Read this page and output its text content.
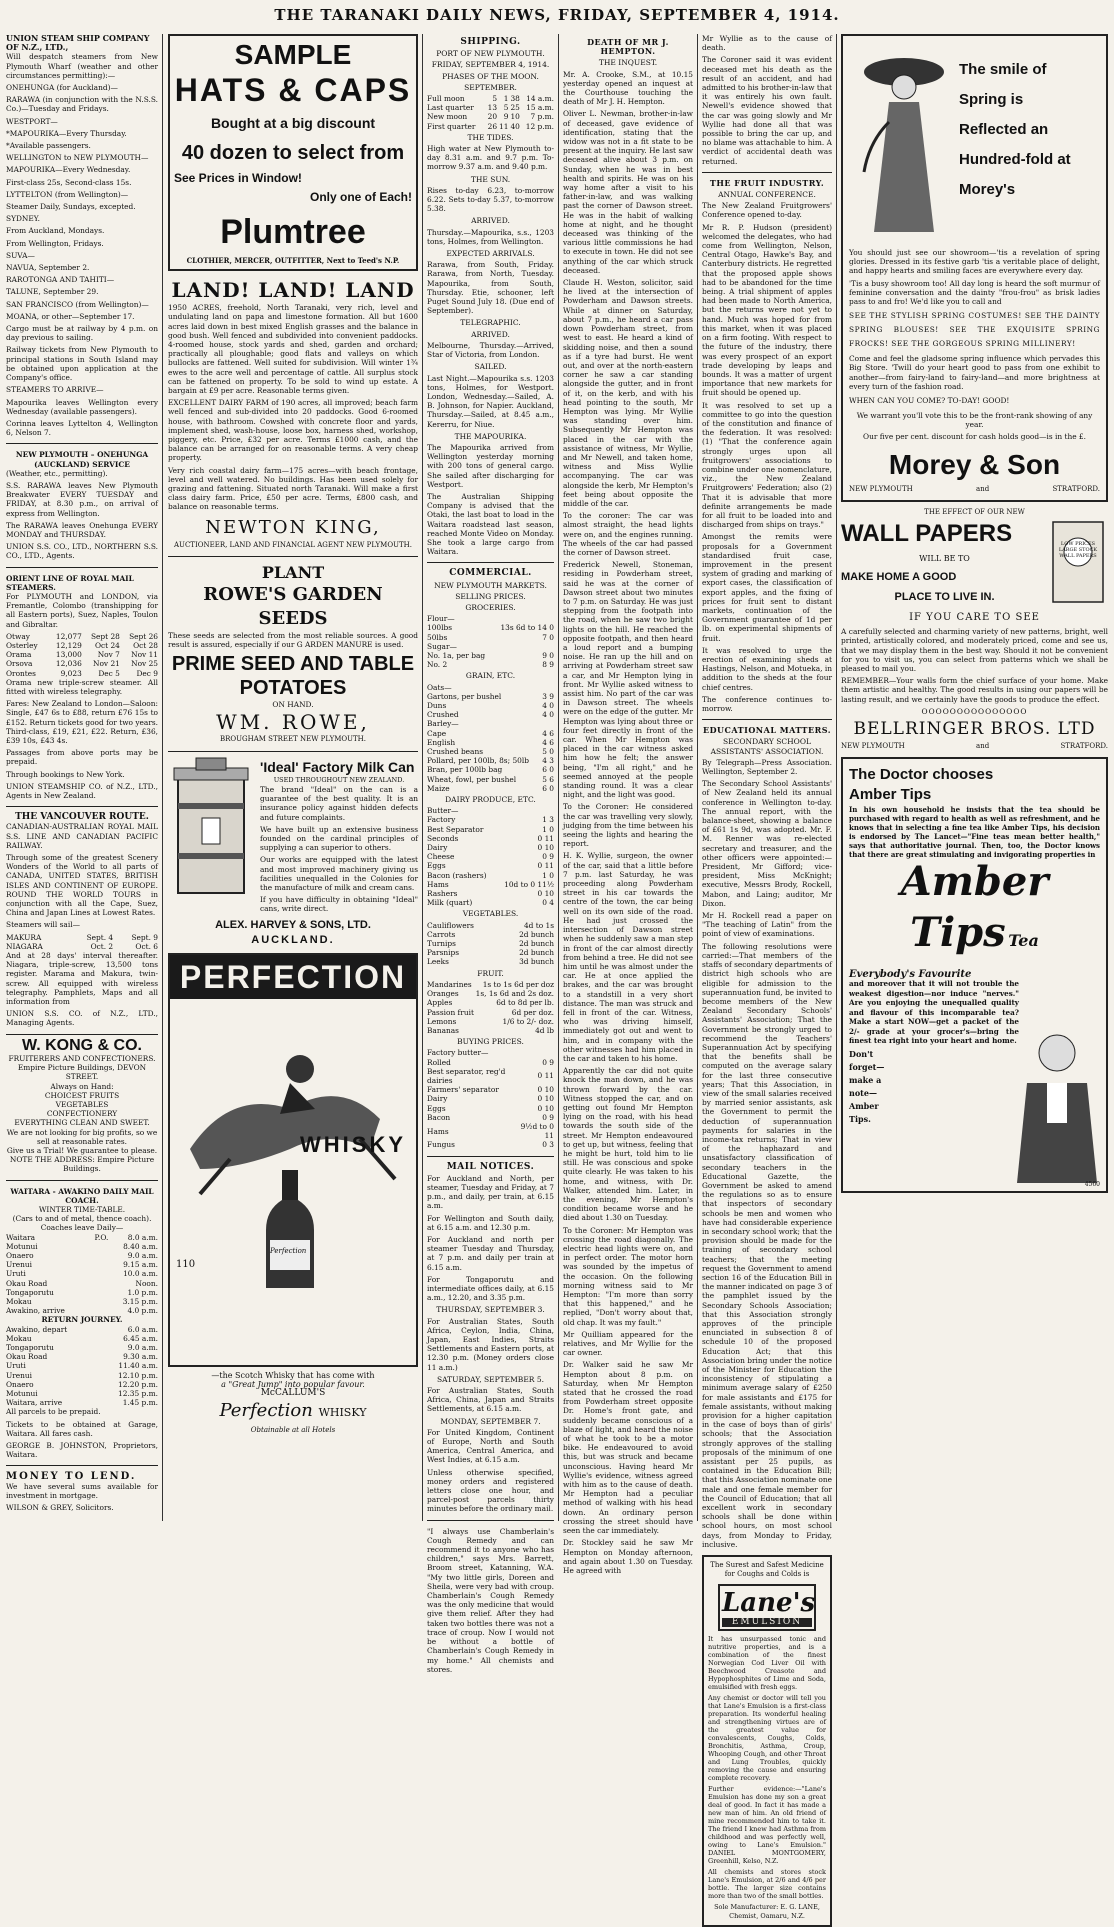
THE TARANAKI DAILY NEWS, FRIDAY, SEPTEMBER 4, 1914.
UNION STEAM SHIP COMPANY OF N.Z., LTD.,
Will despatch steamers from New Plymouth Wharf (weather and other circumstances permitting):—
ONEHUNGA (for Auckland)—
RARAWA (in conjunction with the N.S.S. Co.)—Tuesday and Fridays.
WESTPORT—
*MAPOURIKA—Every Thursday.
*Available passengers.
WELLINGTON to NEW PLYMOUTH—
MAPOURIKA—Every Wednesday.
First-class 25s, Second-class 15s.
LYTTELTON (from Wellington)—
Steamer Daily, Sundays, excepted.
SYDNEY.
From Auckland, Mondays.
From Wellington, Fridays.
SUVA—
NAVUA, September 2.
RAROTONGA AND TAHITI—
TALUNE, September 29.
SAN FRANCISCO (from Wellington)—
MOANA, or other—September 17.
Cargo must be at railway by 4 p.m. on day previous to sailing.
Railway tickets from New Plymouth to principal stations in South Island may be obtained upon application at the Company's office.
STEAMERS TO ARRIVE—
Mapourika leaves Wellington every Wednesday (available passengers).
Corinna leaves Lyttelton 4, Wellington 6, Nelson 7.
NEW PLYMOUTH – ONEHUNGA (AUCKLAND) SERVICE
(Weather, etc., permitting).
S.S. RARAWA leaves New Plymouth Breakwater EVERY TUESDAY and FRIDAY, at 8.30 p.m., on arrival of express from Wellington.
The RARAWA leaves Onehunga EVERY MONDAY and THURSDAY.
UNION S.S. CO., LTD., NORTHERN S.S. CO., LTD., Agents.
ORIENT LINE OF ROYAL MAIL STEAMERS.
For PLYMOUTH and LONDON, via Fremantle, Colombo (transhipping for all Eastern ports), Suez, Naples, Toulon and Gibraltar.
Otway	12,077	Sept 28	Sept 26
Osterley	12,129	Oct 24	Oct 28
Orama	13,000	Nov 7	Nov 11
Orsova	12,036	Nov 21	Nov 25
Orontes	9,023	Dec 5	Dec 9
Orama new triple-screw steamer. All fitted with wireless telegraphy.
Fares: New Zealand to London—Saloon: Single, £47 6s to £88, return £76 15s to £152. Return tickets good for two years. Third-class, £19, £21, £22. Return, £36, £39 10s, £43 4s.
Passages from above ports may be prepaid.
Through bookings to New York.
UNION STEAMSHIP CO. of N.Z., LTD., Agents in New Zealand.
THE VANCOUVER ROUTE.
CANADIAN-AUSTRALIAN ROYAL MAIL S.S. LINE AND CANADIAN PACIFIC RAILWAY.
Through some of the greatest Scenery Wonders of the World to all parts of CANADA, UNITED STATES, BRITISH ISLES AND CONTINENT OF EUROPE. ROUND THE WORLD TOURS in conjunction with all the Cape, Suez, China and Japan Lines at Lowest Rates.
Steamers will sail—
MAKURA	Sept. 4	Sept. 9
NIAGARA	Oct. 2	Oct. 6
And at 28 days' interval thereafter. Niagara, triple-screw, 13,500 tons register. Marama and Makura, twin-screw. All equipped with wireless telegraphy. Pamphlets, Maps and all information from
UNION S.S. CO. of N.Z., LTD., Managing Agents.
W. KONG & CO.
FRUITERERS AND CONFECTIONERS.
Empire Picture Buildings, DEVON STREET.
Always on Hand:
CHOICEST FRUITS
VEGETABLES
CONFECTIONERY
EVERYTHING CLEAN AND SWEET.
We are not looking for big profits, so we sell at reasonable rates.
Give us a Trial! We guarantee to please.
NOTE THE ADDRESS: Empire Picture Buildings.
WAITARA - AWAKINO DAILY MAIL COACH.
WINTER TIME-TABLE.
(Cars to and of metal, thence coach).
Coaches leave Daily—
Waitara	P.O.	8.0 a.m.
Motunui		8.40 a.m.
Onaero		9.0 a.m.
Urenui		9.15 a.m.
Uruti		10.0 a.m.
Okau Road		Noon.
Tongaporutu		1.0 p.m.
Mokau		3.15 p.m.
Awakino, arrive		4.0 p.m.
RETURN JOURNEY.
Awakino, depart	6.0 a.m.
Mokau	6.45 a.m.
Tongaporutu	9.0 a.m.
Okau Road	9.30 a.m.
Uruti	11.40 a.m.
Urenui	12.10 p.m.
Onaero	12.20 p.m.
Motunui	12.35 p.m.
Waitara, arrive	1.45 p.m.
All parcels to be prepaid.
Tickets to be obtained at Garage, Waitara. All fares cash.
GEORGE B. JOHNSTON, Proprietors, Waitara.
MONEY TO LEND.
We have several sums available for investment in mortgage.
WILSON & GREY, Solicitors.
SAMPLE
HATS & CAPS
Bought at a big discount
40 dozen to select from
See Prices in Window!
Only one of Each!
Plumtree
CLOTHIER, MERCER, OUTFITTER, Next to Teed's N.P.
LAND! LAND! LAND

1950 ACRES, freehold, North Taranaki, very rich, level and undulating land on papa and limestone formation. All but 1600 acres laid down in best mixed English grasses and the balance in good bush. Well fenced and subdivided into convenient paddocks. 4-roomed house, stock yards and shed, garden and orchard; practically all ploughable; good flats and valleys on which bullocks are fattened. Well suited for subdivision. Will winter 1¾ ewes to the acre well and percentage of cattle. All surplus stock can be fattened on property. To be sold to wind up estate. A bargain at £9 per acre. Reasonable terms given.

EXCELLENT DAIRY FARM of 190 acres, all improved; beach farm well fenced and sub-divided into 20 paddocks. Good 6-roomed house, with bathroom. Cowshed with concrete floor and yards, implement shed, wash-house, loose box, harness shed, workshop, piggery, etc. Price, £32 per acre. Terms £1000 cash, and the balance can be arranged for on reasonable terms. A very cheap property.

Very rich coastal dairy farm—175 acres—with beach frontage, level and well watered. No buildings. Has been used solely for grazing and fattening. Situated north Taranaki. Will make a first class dairy farm. Price, £50 per acre. Terms, £800 cash, and balance on reasonable terms.

NEWTON KING,
AUCTIONEER, LAND AND FINANCIAL AGENT NEW PLYMOUTH.
PLANT
ROWE'S GARDEN SEEDS

These seeds are selected from the most reliable sources. A good result is assured, especially if our G ARDEN MANURE is used.

PRIME SEED AND TABLE POTATOES
ON HAND.
WM. ROWE,
BROUGHAM STREET NEW PLYMOUTH.
'Ideal' Factory Milk Can
USED THROUGHOUT NEW ZEALAND.
The brand "Ideal" on the can is a guarantee of the best quality. It is an insurance policy against hidden defects and future complaints.
We have built up an extensive business founded on the cardinal principles of supplying a can superior to others.
Our works are equipped with the latest and most improved machinery giving us facilities unequalled in the Colonies for the manufacture of milk and cream cans.
If you have difficulty in obtaining "Ideal" cans, write direct.
ALEX. HARVEY & SONS, LTD.
AUCKLAND.
PERFECTION
WHISKY
Perfection
110
—the Scotch Whisky that has come with
a "Great Jump" into popular favour.
McCALLUM'S
Perfection WHISKY
Obtainable at all Hotels
SHIPPING.
PORT OF NEW PLYMOUTH.
FRIDAY, SEPTEMBER 4, 1914.
PHASES OF THE MOON.
SEPTEMBER.
Full moon	5	1	38	14 a.m.
Last quarter	13	5	25	15 a.m.
New moon	20	9	10	7 p.m.
First quarter	26	11	40	12 p.m.
THE TIDES.

High water at New Plymouth to-day 8.31 a.m. and 9.7 p.m. To-morrow 9.37 a.m. and 9.40 p.m.

THE SUN.

Rises to-day 6.23, to-morrow 6.22. Sets to-day 5.37, to-morrow 5.38.

ARRIVED.

Thursday.—Mapourika, s.s., 1203 tons, Holmes, from Wellington.

EXPECTED ARRIVALS.

Rarawa, from South, Friday. Rarawa, from North, Tuesday. Mapourika, from South, Thursday. Etie, schooner, left Puget Sound July 18. (Due end of September).

TELEGRAPHIC.
ARRIVED.

Melbourne, Thursday.—Arrived, Star of Victoria, from London.

SAILED.

Last Night.—Mapourika s.s. 1203 tons, Holmes, for Westport. London, Wednesday.—Sailed, A. B. Johnson, for Napier. Auckland, Thursday.—Sailed, at 8.45 a.m., Kererru, for Niue.

THE MAPOURIKA.

The Mapourika arrived from Wellington yesterday morning with 200 tons of general cargo. She sailed after discharging for Westport.

The Australian Shipping Company is advised that the Otaki, the last boat to load in the Waitara roadstead last season, reached Monte Video on Monday. She took a large cargo from Waitara.

COMMERCIAL.
NEW PLYMOUTH MARKETS.
SELLING PRICES.
GROCERIES.
Flour—	
100lbs	13s 6d to 14 0
50lbs	7 0
Sugar—	
No. 1a, per bag	9 0
No. 2	8 9
GRAIN, ETC.
Oats—	
Gartons, per bushel	3 9
Duns	4 0
Crushed	4 0
Barley—	
Cape	4 6
English	4 6
Crushed beans	5 0
Pollard, per 100lb, 8s; 50lb	4 3
Bran, per 100lb bag	6 0
Wheat, fowl, per bushel	5 6
Maize	6 0
DAIRY PRODUCE, ETC.
Butter—	
Factory	1 3
Best Separator	1 0
Seconds	0 11
Dairy	0 10
Cheese	0 9
Eggs	0 11
Bacon (rashers)	1 0
Hams	10d to 0 11½
Rashers	0 10
Milk (quart)	0 4
VEGETABLES.
Cauliflowers	4d to 1s
Carrots	2d bunch
Turnips	2d bunch
Parsnips	2d bunch
Leeks	3d bunch
FRUIT.
Mandarines	1s to 1s 6d per doz
Oranges	1s, 1s 6d and 2s doz.
Apples	6d to 8d per lb.
Passion fruit	6d per doz.
Lemons	1/6 to 2/- doz.
Bananas	4d lb
BUYING PRICES.
Factory butter—	
Rolled	0 9
Best separator, reg'd dairies	0 11
Farmers' separator	0 10
Dairy	0 10
Eggs	0 10
Bacon	0 9
Hams	9½d to 0 11
Fungus	0 3
MAIL NOTICES.
For Auckland and North, per steamer, Tuesday and Friday, at 7 p.m., and daily, per train, at 6.15 a.m.
For Wellington and South daily, at 6.15 a.m. and 12.30 p.m.
For Auckland and north per steamer Tuesday and Thursday, at 7 p.m. and daily per train at 6.15 a.m.
For Tongaporutu and intermediate offices daily, at 6.15 a.m., 12.20, and 3.35 p.m.
THURSDAY, SEPTEMBER 3.

For Australian States, South Africa, Ceylon, India, China, Japan, East Indies, Straits Settlements and Eastern ports, at 12.30 p.m. (Money orders close 11 a.m.)

SATURDAY, SEPTEMBER 5.

For Australian States, South Africa, China, Japan and Straits Settlements, at 6.15 a.m.

MONDAY, SEPTEMBER 7.

For United Kingdom, Continent of Europe, North and South America, Central America, and West Indies, at 6.15 a.m.

Unless otherwise specified, money orders and registered letters close one hour, and parcel-post parcels thirty minutes before the ordinary mail.

"I always use Chamberlain's Cough Remedy and can recommend it to anyone who has children," says Mrs. Barrett, Broom street, Katanning, W.A. "My two little girls, Doreen and Sheila, were very bad with croup. Chamberlain's Cough Remedy was the only medicine that would give them relief. After they had taken two bottles there was not a trace of croup. Now I would not be without a bottle of Chamberlain's Cough Remedy in my home." All chemists and stores.

DEATH OF MR J. HEMPTON.
THE INQUEST.
Mr. A. Crooke, S.M., at 10.15 yesterday opened an inquest at the Courthouse touching the death of Mr J. H. Hempton.
Oliver L. Newman, brother-in-law of deceased, gave evidence of identification, stating that the widow was not in a fit state to be present at the inquiry. He last saw deceased alive about 3 p.m. on Sunday, when he was in best health and spirits. He was on his way home after a visit to his father-in-law, and was walking past the corner of Dawson street. He was in the habit of walking home at night, and he thought deceased was thinking of the various little commissions he had to execute in town. He did not see anything of the car which struck deceased.
Claude H. Weston, solicitor, said he lived at the intersection of Powderham and Dawson streets. While at dinner on Saturday, about 7 p.m., he heard a car pass down Powderham street, from west to east. He heard a kind of skidding noise, and then a sound as if a tyre had burst. He went out, and over at the north-eastern corner he saw a car standing alongside the gutter, and in front of it, on the kerb, and with his head pointing to the south, Mr Hempton was lying. Mr Wyllie was standing over him. Subsequently Mr Hempton was placed in the car with the assistance of witness, Mr Wyllie, and Mr Newell, and taken home, witness and Miss Wyllie accompanying. The car was alongside the kerb, Mr Hempton's feet being about opposite the middle of the car.
To the coroner: The car was almost straight, the head lights were on, and the engines running. The wheels of the car had passed the corner of Dawson street.
Frederick Newell, Stoneman, residing in Powderham street, said he was at the corner of Dawson street about two minutes to 7 p.m. on Saturday. He was just stepping from the footpath into the road, when he saw two bright lights on the hill. He reached the opposite footpath, and then heard a loud report and a bumping noise. He ran up the hill and on arriving at Powderham street saw a car, and Mr Hempton lying in front. Mr Wyllie asked witness to assist him. No part of the car was in Dawson street. The wheels were on the edge of the gutter. Mr Hempton was lying about three or four feet directly in front of the car. When Mr Hempton was placed in the car witness asked him how he felt; the answer being, "I'm all right," and he seemed annoyed at the people standing round. It was a clear night, and the light was good.
To the Coroner: He considered the car was travelling very slowly, judging from the time between his seeing the lights and hearing the report.
H. K. Wyllie, surgeon, the owner of the car, said that a little before 7 p.m. last Saturday, he was proceeding along Powderham street in his car towards the centre of the town, the car being well on its own side of the road. He had just crossed the intersection of Dawson street when he suddenly saw a man step in front of the car almost directly from behind a tree. He did not see him until he was almost under the car. He at once applied the brakes, and the car was brought to a standstill in a very short distance. The man was struck and fell in front of the car. Witness, who was driving himself, immediately got out and went to him, and in company with the other witnesses had him placed in the car and taken to his home.
Apparently the car did not quite knock the man down, and he was thrown forward by the car. Witness stopped the car, and on getting out found Mr Hempton lying on the road, with his head towards the south side of the street. Mr Hempton endeavoured to get up, but witness, feeling that he might be hurt, told him to lie still. He was conscious and spoke quite clearly. He was taken to his home, and witness, with Dr. Walker, attended him. Later, in the evening, Mr Hempton's condition became worse and he died about 1.30 on Tuesday.
To the Coroner: Mr Hempton was crossing the road diagonally. The electric head lights were on, and in perfect order. The motor horn was sounded by the impetus of the occasion. On the following morning witness said to Mr Hempton: "I'm more than sorry that this happened," and he replied, "Don't worry about that, old chap. It was my fault."
Mr Quilliam appeared for the relatives, and Mr Wyllie for the car owner.
Dr. Walker said he saw Mr Hempton about 8 p.m. on Saturday, when Mr Hempton stated that he crossed the road from Powderham street opposite Dr. Home's front gate, and suddenly became conscious of a blaze of light, and heard the noise of what he took to be a motor bike. He endeavoured to avoid this, but was struck and became unconscious. Having heard Mr Wyllie's evidence, witness agreed with him as to the cause of death. Mr Hempton had a peculiar method of walking with his head down. An ordinary person crossing the street should have seen the car immediately.
Dr. Stockley said he saw Mr Hempton on Monday afternoon, and again about 1.30 on Tuesday. He agreed with
Mr Wyllie as to the cause of death.
The Coroner said it was evident deceased met his death as the result of an accident, and had admitted to his brother-in-law that it was entirely his own fault. Newell's evidence showed that the car was going slowly and Mr Wyllie had done all that was possible to bring the car up, and no blame was attachable to him. A verdict of accidental death was returned.
THE FRUIT INDUSTRY.
ANNUAL CONFERENCE.
The New Zealand Fruitgrowers' Conference opened to-day.
Mr R. P. Hudson (president) welcomed the delegates, who had come from Wellington, Nelson, Central Otago, Hawke's Bay, and Canterbury districts. He regretted that the proposed apple shows had to be abandoned for the time being. A trial shipment of apples had been made to North America, but the returns were not yet to hand. Much was hoped for from this market, when it was placed on a firm footing. With respect to the future of the industry, there was every prospect of an export trade developing by leaps and bounds. It was a matter of urgent importance that new markets for fruit should be opened up.
It was resolved to set up a committee to go into the question of the constitution and finance of the federation. It was resolved: (1) "That the conference again strongly urges upon all fruitgrowers' associations to combine under one nomenclature, viz., the New Zealand Fruitgrowers' Federation; also (2) That it is advisable that more definite arrangements be made for all fruit to be loaded into and discharged from ships on trays."
Amongst the remits were proposals for a Government standardised fruit case, improvement in the present system of grading and marking of export cases, the classification of export apples, and the fixing of prices for fruit sent to distant markets, continuation of the Government guarantee of 1d per lb. on experimental shipments of fruit.
It was resolved to urge the erection of examining sheds at Hastings, Nelson, and Motueka, in addition to the sheds at the four chief centres.
The conference continues to-morrow.
EDUCATIONAL MATTERS.
SECONDARY SCHOOL ASSISTANTS' ASSOCIATION.
By Telegraph—Press Association. Wellington, September 2.
The Secondary School Assistants' of New Zealand held its annual conference in Wellington to-day. The annual report, with the balance-sheet, showing a balance of £61 1s 9d, was adopted. Mr. F. M. Renner was re-elected secretary and treasurer, and the other officers were appointed:—President, Mr Gifford; vice-president, Miss McKnight; executive, Messrs Brody, Rockell, Mabon, and Laing; auditor, Mr Dixon.
Mr H. Rockell read a paper on "The teaching of Latin" from the point of view of examinations.
The following resolutions were carried:—That members of the staffs of secondary departments of district high schools who are eligible for admission to the superannuation fund, be invited to become members of the New Zealand Secondary Schools' Assistants' Association; That the Government be strongly urged to recommend the Teachers' Superannuation Act by specifying that the benefits shall be computed on the average salary for the last three consecutive years; That this Association, in view of the small salaries received by married senior assistants, ask the Government to permit the deduction of superannuation payments for salaries in the income-tax returns; That in view of the haphazard and unsatisfactory classification of secondary teachers in the Educational Gazette, the Government be asked to amend the regulations so as to ensure that inspectors of secondary schools be men and women who have had considerable experience in secondary school work; that the provision should be made for the training of secondary school teachers; that the meeting request the Government to amend section 16 of the Education Bill in the manner indicated on page 3 of the pamphlet issued by the Secondary Schools Association; that this Association strongly approves of the principle enunciated in subsection 8 of schedule 10 of the proposed Education Act; that this Association bring under the notice of the Minister for Education the inconsistency of stipulating a minimum average salary of £250 for male assistants and £175 for female assistants, without making provision for a higher capitation in the case of boys than of girls' schools; that the Association strongly approves of the stalling proposals of the minimum of one assistant per 25 pupils, as contained in the Education Bill; that this Association nominate one male and one female member for the Council of Education; that all excellent work in secondary schools shall be done within school hours, on most school days, from Monday to Friday, inclusive.
The Surest and Safest Medicine for Coughs and Colds is
Lane's
EMULSION

It has unsurpassed tonic and nutritive properties, and is a combination of the finest Norwegian Cod Liver Oil with Beechwood Creasote and Hypophosphites of Lime and Soda, emulsified with fresh eggs.

Any chemist or doctor will tell you that Lane's Emulsion is a first-class preparation. Its wonderful healing and strengthening virtues are of the greatest value for convalescents, Coughs, Colds, Bronchitis, Asthma, Croup, Whooping Cough, and other Throat and Lung Troubles, quickly removing the cause and ensuring complete recovery.

Further evidence:—"Lane's Emulsion has done my son a great deal of good. In fact it has made a new man of him. An old friend of mine recommended him to take it. The friend I knew had Asthma from childhood and was perfectly well, owing to Lane's Emulsion." DANIEL MONTGOMERY, Greenhill, Kelso, N.Z.

All chemists and stores stock Lane's Emulsion, at 2/6 and 4/6 per bottle. The larger size contains more than two of the small bottles.

Sole Manufacturer: E. G. LANE, Chemist, Oamaru, N.Z.
The smile of
Spring is
Reflected an
Hundred-fold at
Morey's
You should just see our showroom—'tis a revelation of spring glories. Dressed in its festive garb 'tis a veritable place of delight, and happy hearts and smiling faces are everywhere every day.
'Tis a busy showroom too! All day long is heard the soft murmur of feminine conversation and the dainty "frou-frou" as brisk ladies pass to and fro! We'd like you to call and

SEE THE STYLISH SPRING COSTUMES! SEE THE DAINTY SPRING BLOUSES! SEE THE EXQUISITE SPRING FROCKS! SEE THE GORGEOUS SPRING MILLINERY!

Come and feel the gladsome spring influence which pervades this Big Store. 'Twill do your heart good to pass from one exhibit to another—from fairy-land to fairy-land—and more brightness at every turn of the fashion road.

WHEN CAN YOU COME? TO-DAY! GOOD!

We warrant you'll vote this to be the front-rank showing of any year.

Our five per cent. discount for cash holds good—is in the £.

Morey & Son
NEW PLYMOUTH	and	STRATFORD.
THE EFFECT OF OUR NEW
WALL PAPERS
WILL BE TO
MAKE HOME A GOOD
PLACE TO LIVE IN.
LOW PRICES
LARGE STOCK
WALL PAPERS
IF YOU CARE TO SEE

A carefully selected and charming variety of new patterns, bright, well printed, artistically colored, and moderately priced, come and see us, that we may display them in the best way. Should it not be convenient for you to visit us, you can select from patterns which we shall be pleased to mail you.

REMEMBER—Your walls form the chief surface of your home. Make them artistic and healthy. The good results in using our papers will be lasting result, and we certainly have the goods to produce the effect.

OOOOOOOOOOOOOOO
BELLRINGER BROS. LTD
NEW PLYMOUTH	and	STRATFORD.
The Doctor chooses
Amber Tips

In his own household he insists that the tea should be purchased with regard to health as well as refreshment, and he knows that in selecting a fine tea like Amber Tips, his decision is endorsed by The Lancet—"Fine teas mean better health," says that authoritative journal. Then, too, the Doctor knows that there are great stimulating and invigorating properties in

Amber
Tips Tea
Everybody's Favourite

and moreover that it will not trouble the weakest digestion—nor induce "nerves." Are you enjoying the unequalled quality and flavour of this incomparable tea? Make a start NOW—get a packet of the 2/- grade at your grocer's—bring the finest tea right into your heart and home.

Don't
forget—
make a
note—
Amber
Tips.
4560
